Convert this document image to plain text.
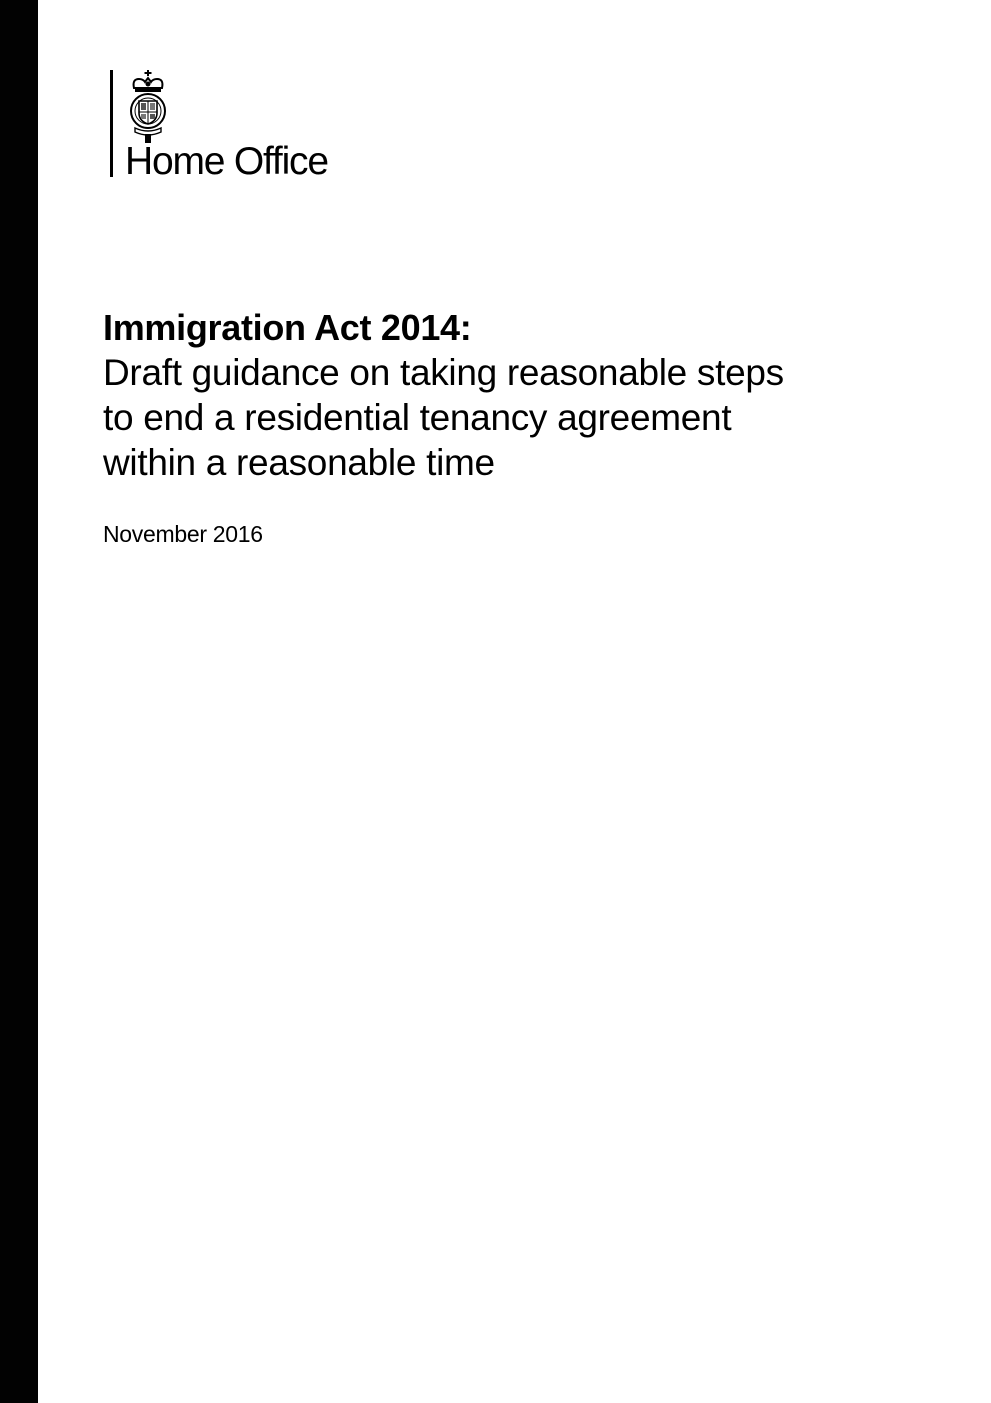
Home Office
Immigration Act 2014:
Draft guidance on taking reasonable steps
to end a residential tenancy agreement
within a reasonable time
November 2016
